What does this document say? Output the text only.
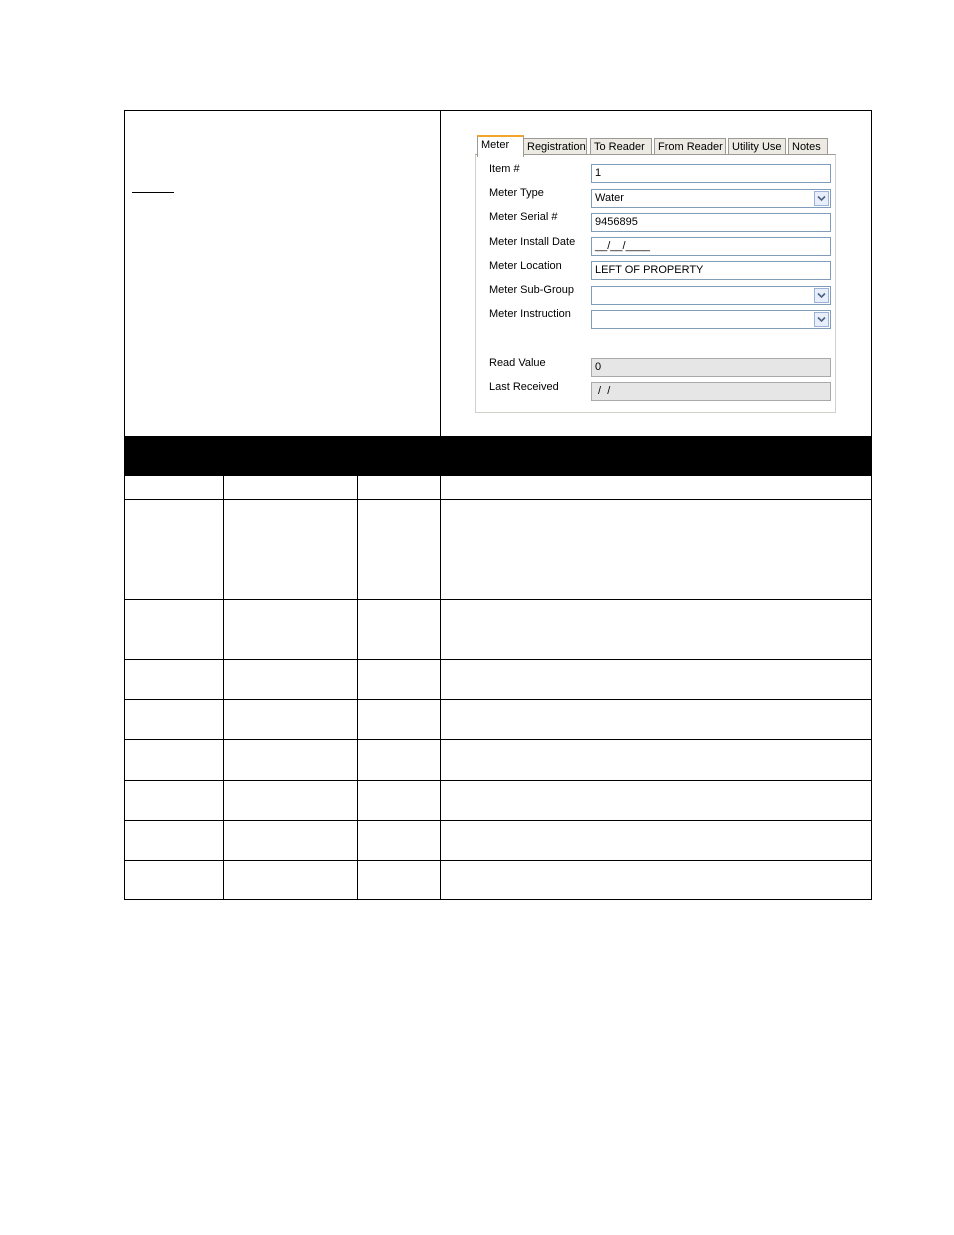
Meter	Registration To Reader	From Reader Utility Use Notes
Item #	1
Meter Type	Water
Meter Serial #	9456895
Meter Install Date	__/__/____
Meter Location	LEFT OF PROPERTY
Meter Sub-Group
Meter Instruction
Read Value	0
Last Received	/  /
